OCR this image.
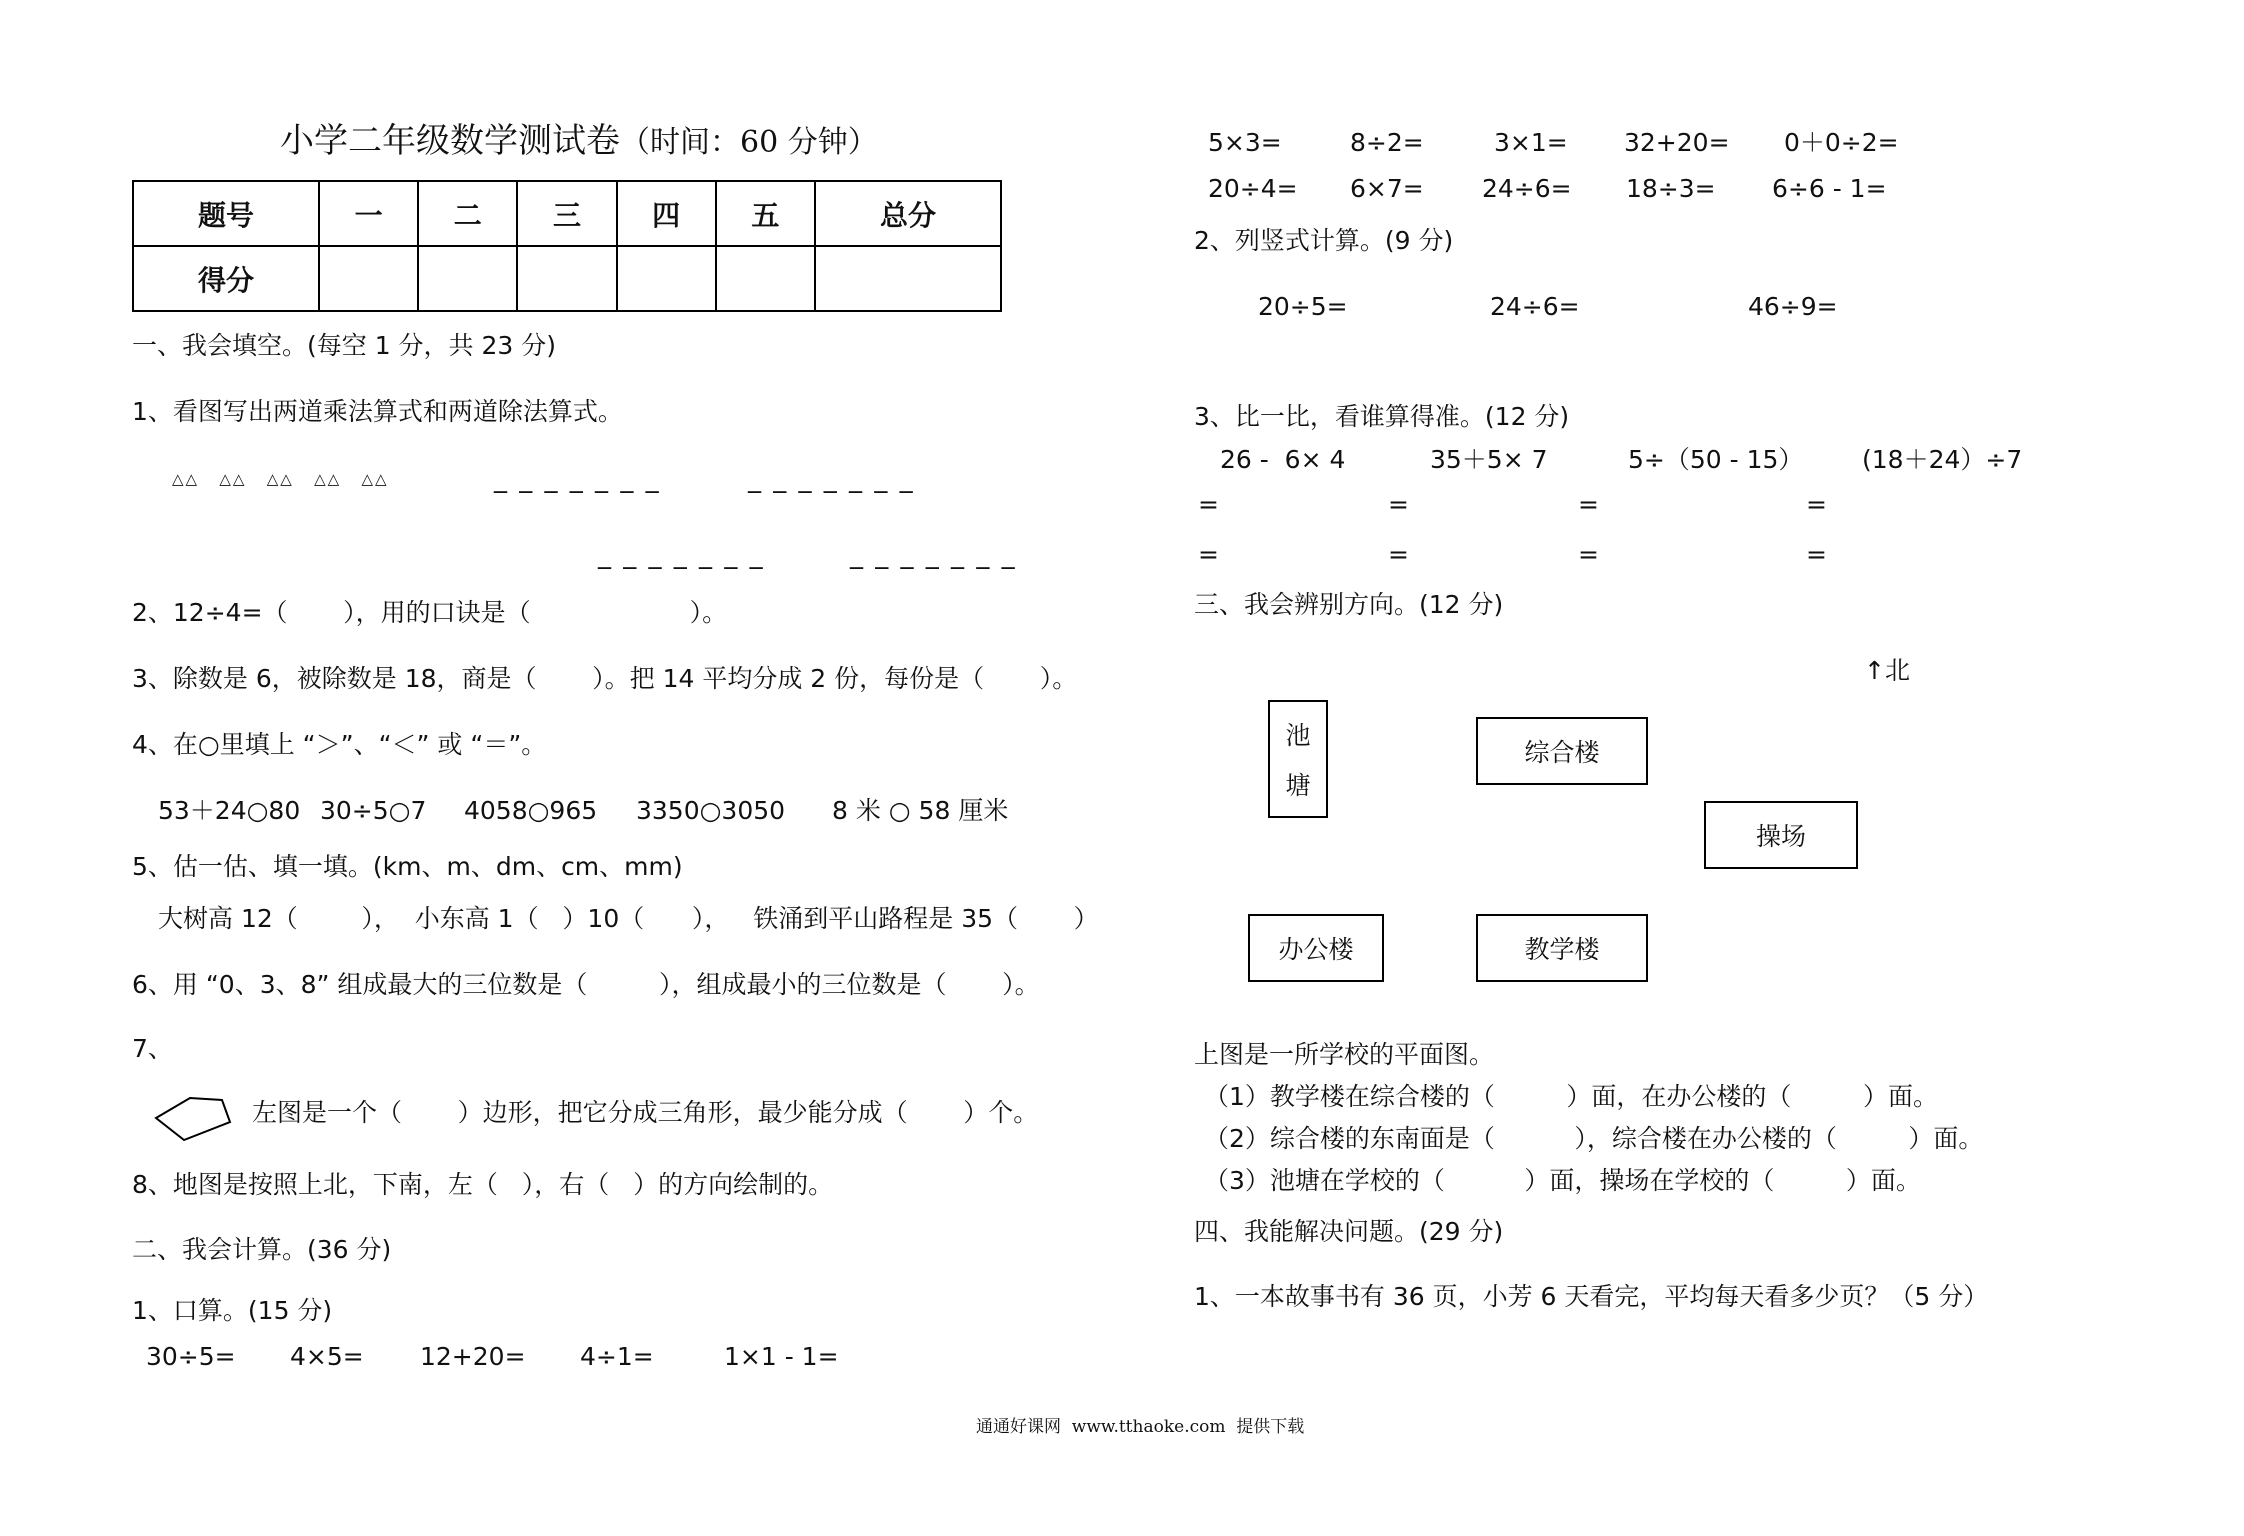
小学二年级数学测试卷（时间：60 分钟）
题号	一	二	三	四	五	总分
得分						
一、我会填空。(每空 1 分，共 23 分)
1、看图写出两道乘法算式和两道除法算式。
△△   △△   △△   △△   △△	_ _ _ _ _ _ _	_ _ _ _ _ _ _
_ _ _ _ _ _ _	_ _ _ _ _ _ _
2、12÷4=（       ），用的口诀是（                    ）。
3、除数是 6，被除数是 18，商是（       ）。把 14 平均分成 2 份，每份是（       ）。
4、在○里填上 “＞”、“＜” 或 “＝”。
53＋24○80 30÷5○7 4058○965 3350○3050 8 米 ○ 58 厘米
5、估一估、填一填。(km、m、dm、cm、mm)
大树高 12（        ），  小东高 1（   ）10（      ），   铁涌到平山路程是 35（       ）
6、用 “0、3、8” 组成最大的三位数是（         ），组成最小的三位数是（       ）。
7、
左图是一个（       ）边形，把它分成三角形，最少能分成（       ）个。
8、地图是按照上北，下南，左（   ），右（   ）的方向绘制的。
二、我会计算。(36 分)
1、口算。(15 分)
30÷5= 4×5= 12+20= 4÷1=	1×1 - 1=
5×3=	8÷2=	3×1= 32+20= 0＋0÷2=
20÷4= 6×7= 24÷6= 18÷3= 6÷6 - 1=
2、列竖式计算。(9 分)
20÷5=	24÷6=	46÷9=
3、比一比，看谁算得准。(12 分)
26 -  6× 4	35＋5× 7	5÷（50 - 15） (18＋24）÷7
=	=	=	=
=	=	=	=
三、我会辨别方向。(12 分)
↑北
池
塘
综合楼
操场
办公楼	教学楼
上图是一所学校的平面图。
（1）教学楼在综合楼的（         ）面，在办公楼的（         ）面。
（2）综合楼的东南面是（          ），综合楼在办公楼的（         ）面。
（3）池塘在学校的（          ）面，操场在学校的（         ）面。
四、我能解决问题。(29 分)
1、一本故事书有 36 页，小芳 6 天看完，平均每天看多少页？（5 分）
通通好课网  www.tthaoke.com  提供下载
